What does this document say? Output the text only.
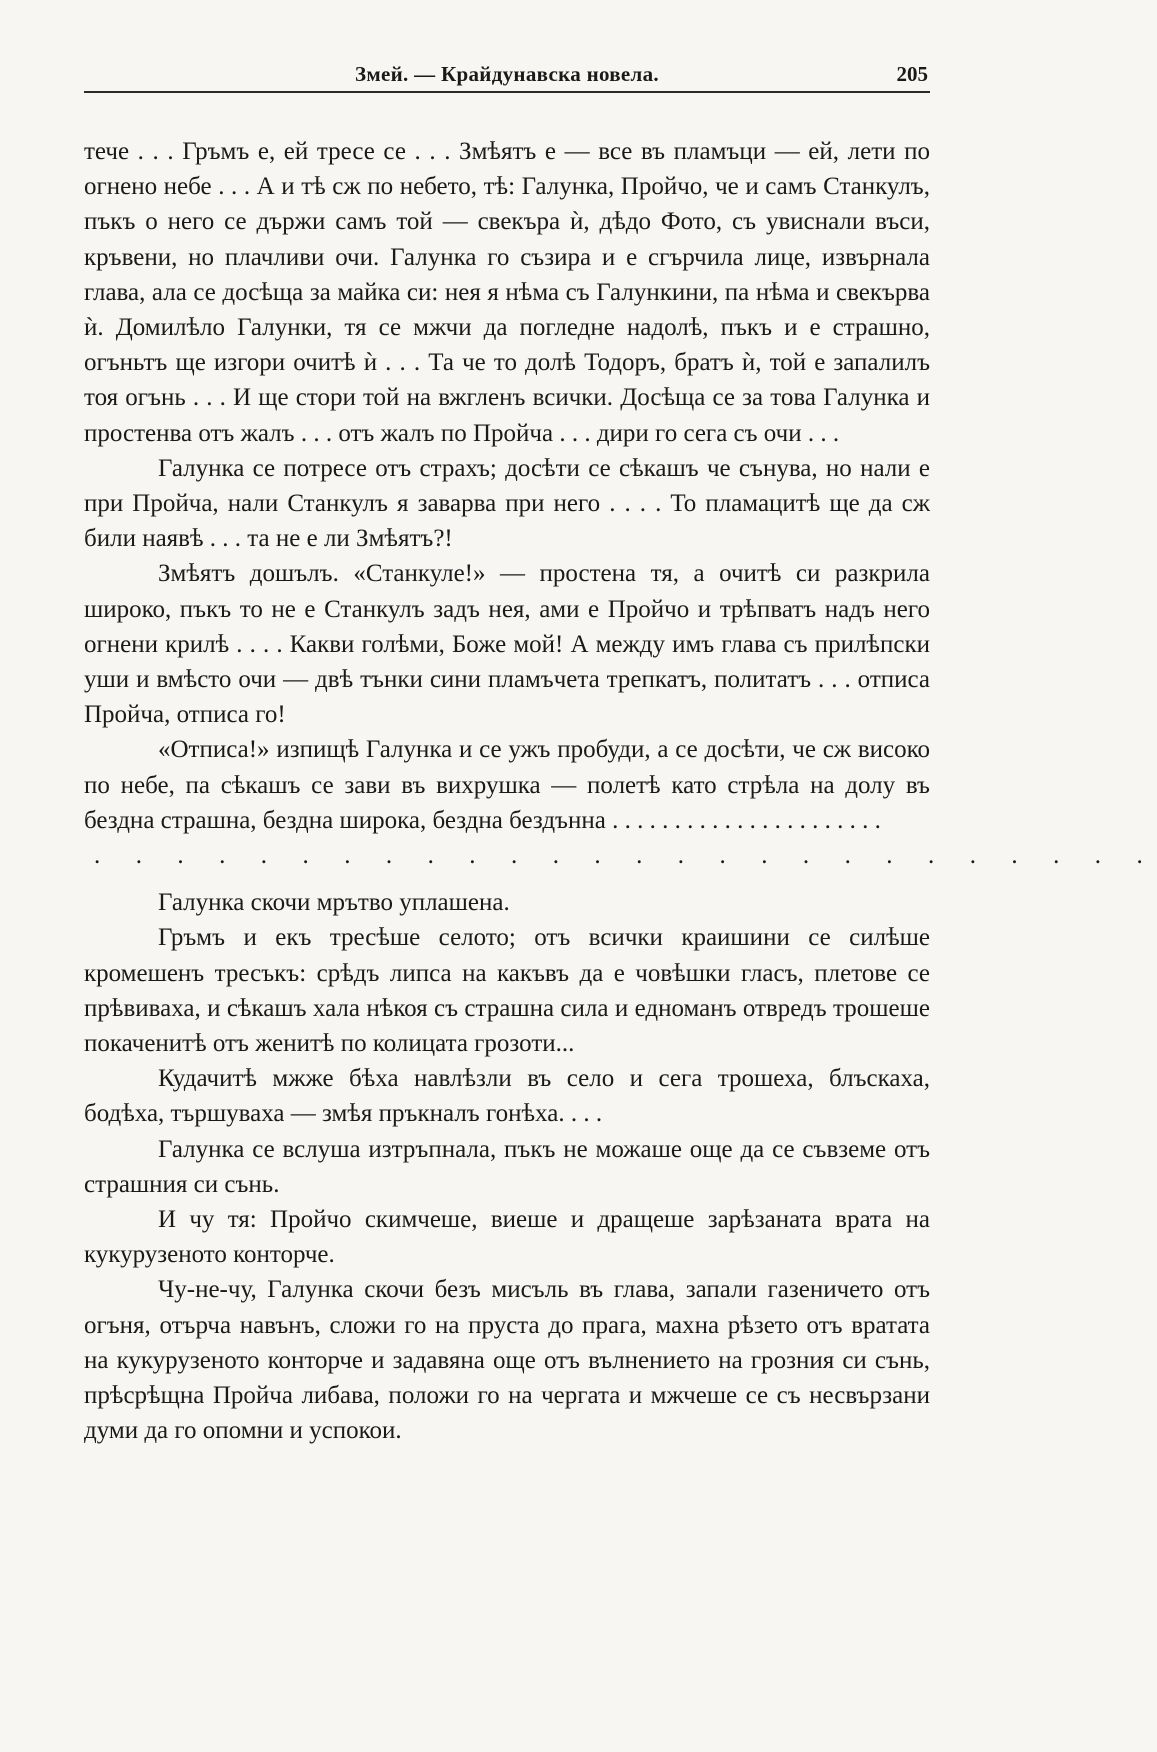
Змей. — Крайдунавска новела.	205

тече . . . Гръмъ е, ей тресе се . . . Змѣятъ е — все въ пламъци — ей, лети по огнено небе . . . А и тѣ сж по небето, тѣ: Галунка, Пройчо, че и самъ Станкулъ, пъкъ о него се държи самъ той — свекъра ѝ, дѣдо Фото, съ увиснали въси, кръвени, но плачливи очи. Галунка го съзира и е сгърчила лице, извърнала глава, ала се досѣща за майка си: нея я нѣма съ Галункини, па нѣма и свекърва ѝ. Домилѣло Галунки, тя се мжчи да погледне надолѣ, пъкъ и е страшно, огъньтъ ще изгори очитѣ ѝ . . . Та че то долѣ Тодоръ, братъ ѝ, той е запалилъ тоя огънь . . . И ще стори той на вжгленъ всички. Досѣща се за това Галунка и простенва отъ жалъ . . . отъ жалъ по Пройча . . . дири го сега съ очи . . .

Галунка се потресе отъ страхъ; досѣти се сѣкашъ че сънува, но нали е при Пройча, нали Станкулъ я заварва при него . . . . То пламацитѣ ще да сж били наявѣ . . . та не е ли Змѣятъ?!

Змѣятъ дошълъ. «Станкуле!» — простена тя, а очитѣ си разкрила широко, пъкъ то не е Станкулъ задъ нея, ами е Пройчо и трѣпватъ надъ него огнени крилѣ . . . . Какви голѣми, Боже мой! А между имъ глава съ прилѣпски уши и вмѣсто очи — двѣ тънки сини пламъчета трепкатъ, политатъ . . . отписа Пройча, отписа го!

«Отписа!» изпищѣ Галунка и се ужъ пробуди, а се досѣти, че сж високо по небе, па сѣкашъ се зави въ вихрушка — полетѣ като стрѣла на долу въ бездна страшна, бездна широка, бездна бездънна . . . . . . . . . . . . . . . . . . . . . .

. . . . . . . . . . . . . . . . . . . . . . . . . .

Галунка скочи мрътво уплашена.

Гръмъ и екъ тресѣше селото; отъ всички краишини се силѣше кромешенъ тресъкъ: срѣдъ липса на какъвъ да е човѣшки гласъ, плетове се прѣвиваха, и сѣкашъ хала нѣкоя съ страшна сила и едноманъ отвредъ трошеше покаченитѣ отъ женитѣ по колицата грозоти...

Кудачитѣ мжже бѣха навлѣзли въ село и сега трошеха, блъскаха, бодѣха, тършуваха — змѣя пръкналъ гонѣха. . . .

Галунка се вслуша изтръпнала, пъкъ не можаше още да се съвземе отъ страшния си сънь.

И чу тя: Пройчо скимчеше, виеше и дращеше зарѣзаната врата на кукурузеното конторче.

Чу-не-чу, Галунка скочи безъ мисъль въ глава, запали газеничето отъ огъня, отърча навънъ, сложи го на пруста до прага, махна рѣзето отъ вратата на кукурузеното конторче и задавяна още отъ вълнението на грозния си сънь, прѣсрѣщна Пройча либава, положи го на чергата и мжчеше се съ несвързани думи да го опомни и успокои.
